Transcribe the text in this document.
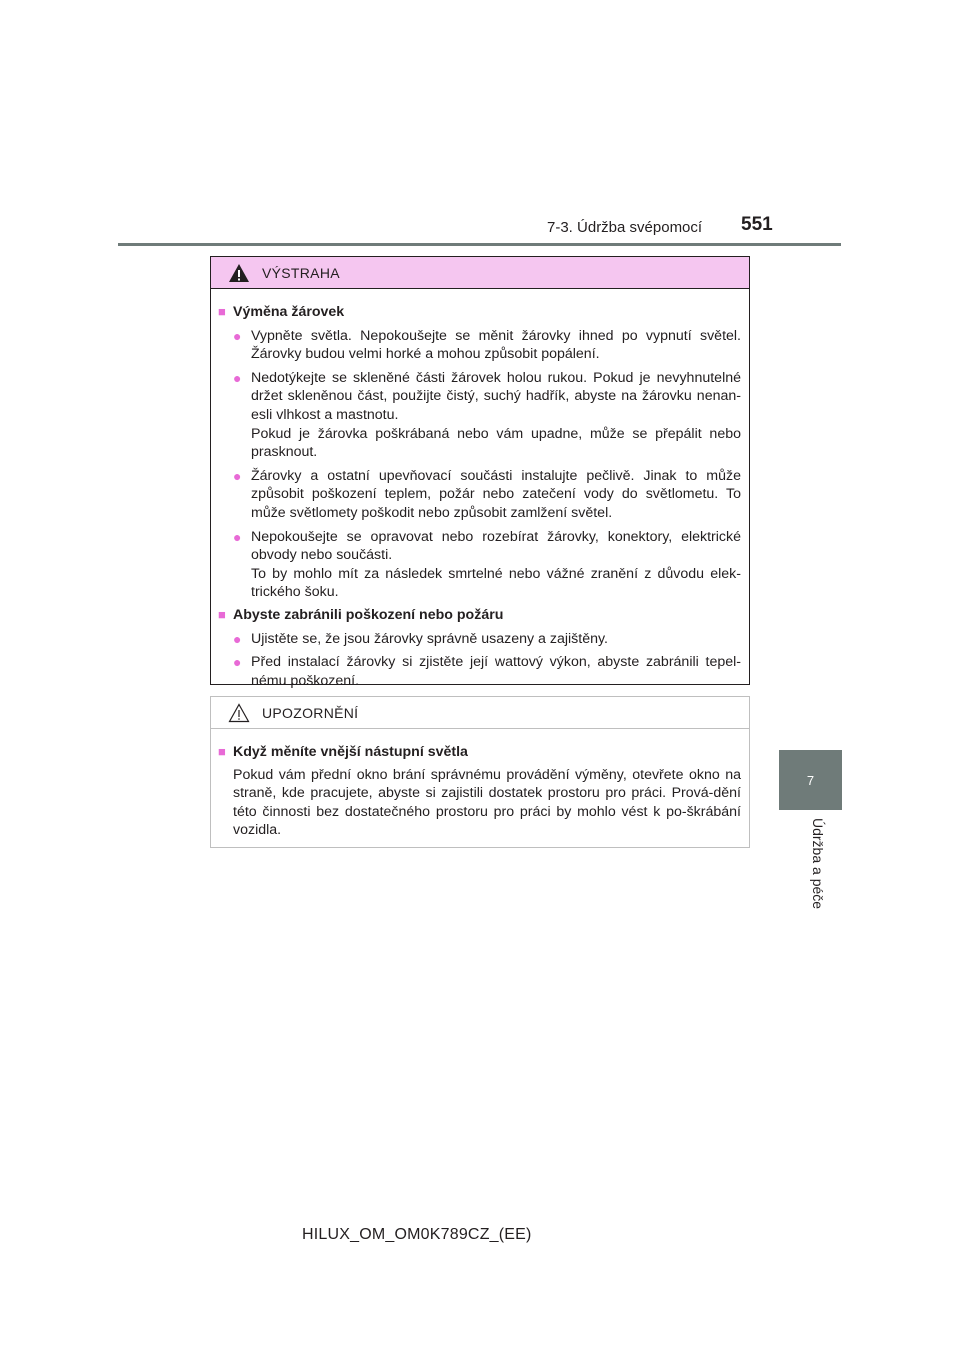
7-3. Údržba svépomocí 551
7
Údržba a péče
VÝSTRAHA
■ Výměna žárovek
● Vypněte světla. Nepokoušejte se měnit žárovky ihned po vypnutí světel. Žárovky budou velmi horké a mohou způsobit popálení.
● Nedotýkejte se skleněné části žárovek holou rukou. Pokud je nevyhnutelné držet skleněnou část, použijte čistý, suchý hadřík, abyste na žárovku nenan-esli vlhkost a mastnotu.
Pokud je žárovka poškrábaná nebo vám upadne, může se přepálit nebo prasknout.
● Žárovky a ostatní upevňovací součásti instalujte pečlivě. Jinak to může způsobit poškození teplem, požár nebo zatečení vody do světlometu. To může světlomety poškodit nebo způsobit zamlžení světel.
● Nepokoušejte se opravovat nebo rozebírat žárovky, konektory, elektrické obvody nebo součásti.
To by mohlo mít za následek smrtelné nebo vážné zranění z důvodu elek-trického šoku.
■ Abyste zabránili poškození nebo požáru
● Ujistěte se, že jsou žárovky správně usazeny a zajištěny.
● Před instalací žárovky si zjistěte její wattový výkon, abyste zabránili tepel-nému poškození.
UPOZORNĚNÍ
■ Když měníte vnější nástupní světla
Pokud vám přední okno brání správnému provádění výměny, otevřete okno na straně, kde pracujete, abyste si zajistili dostatek prostoru pro práci. Prová-dění této činnosti bez dostatečného prostoru pro práci by mohlo vést k po-škrábání vozidla.
HILUX_OM_OM0K789CZ_(EE)
